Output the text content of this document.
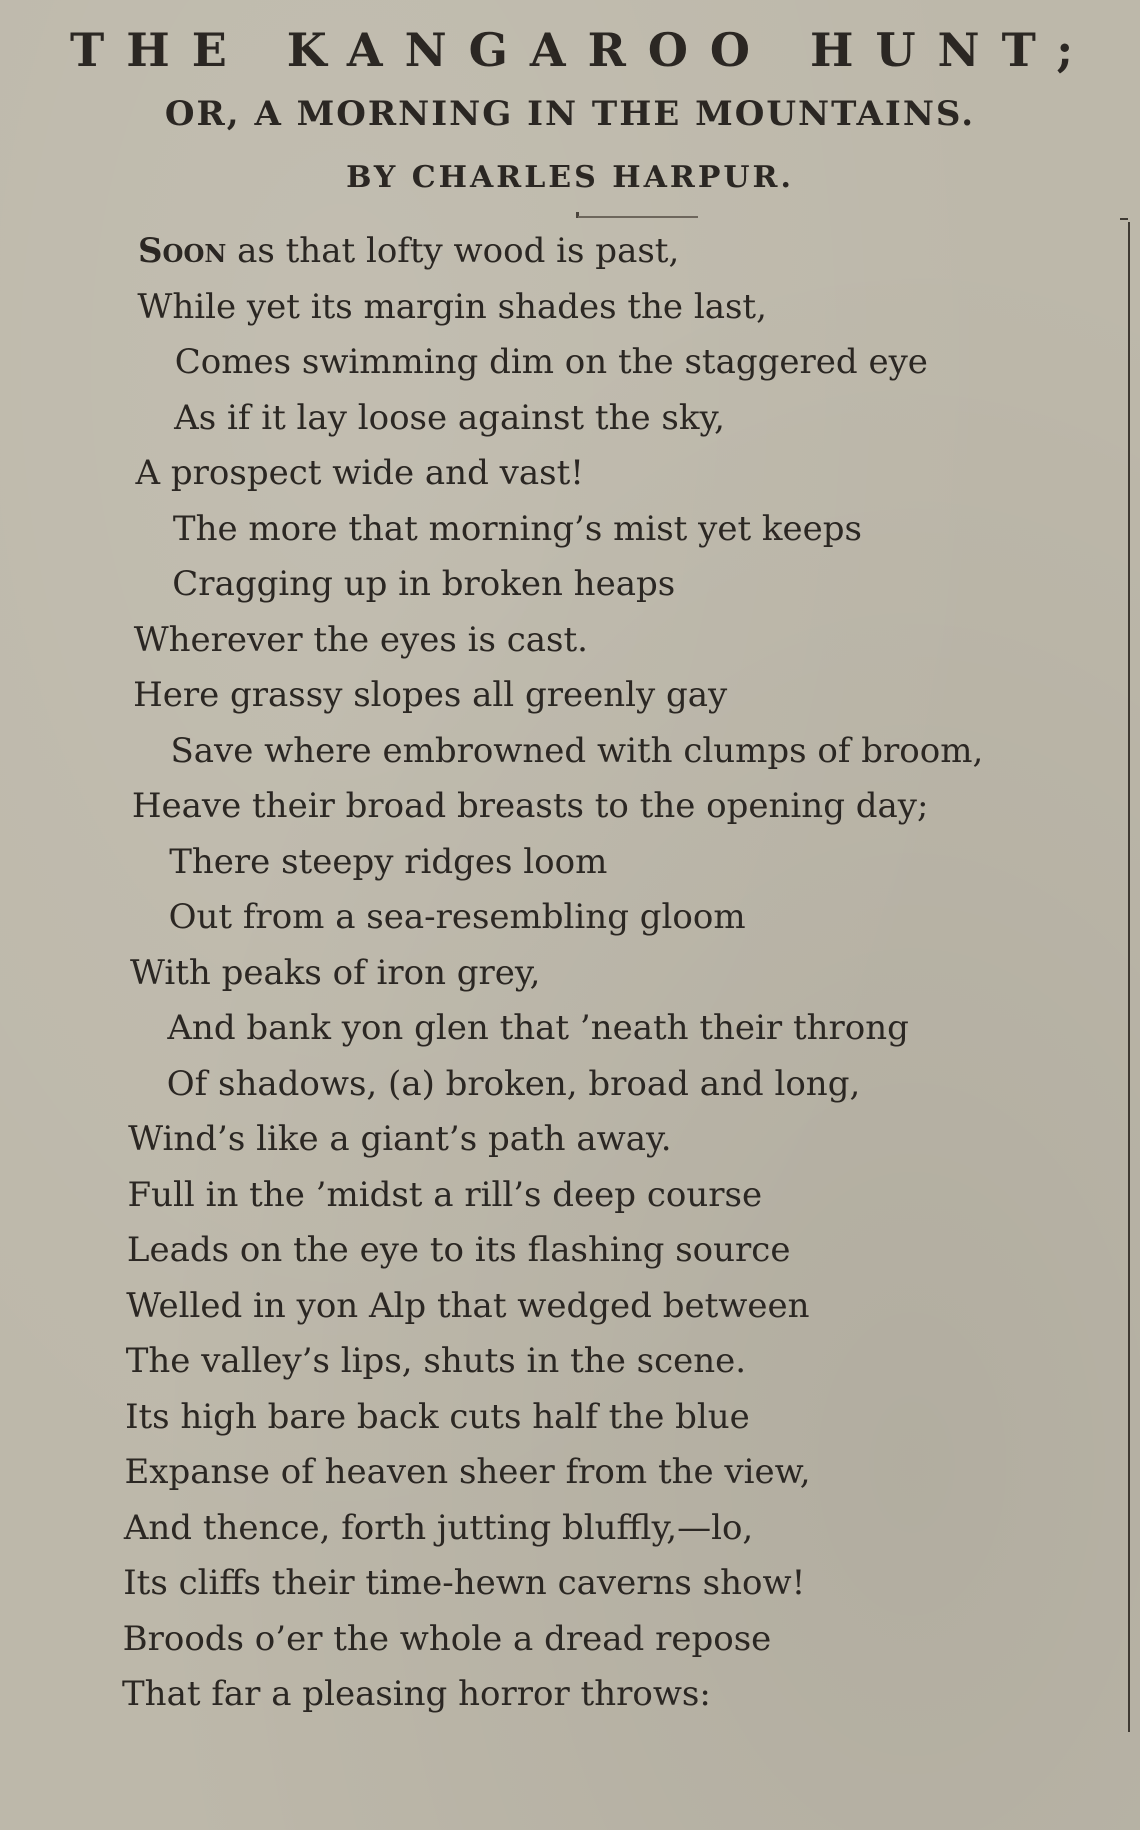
THE KANGAROO HUNT;
OR, A MORNING IN THE MOUNTAINS.
BY CHARLES HARPUR.
Soon as that lofty wood is past,
While yet its margin shades the last,
Comes swimming dim on the staggered eye
As if it lay loose against the sky,
A prospect wide and vast!
The more that morning’s mist yet keeps
Cragging up in broken heaps
Wherever the eyes is cast.
Here grassy slopes all greenly gay
Save where embrowned with clumps of broom,
Heave their broad breasts to the opening day;
There steepy ridges loom
Out from a sea-resembling gloom
With peaks of iron grey,
And bank yon glen that ’neath their throng
Of shadows, (a) broken, broad and long,
Wind’s like a giant’s path away.
Full in the ’midst a rill’s deep course
Leads on the eye to its flashing source
Welled in yon Alp that wedged between
The valley’s lips, shuts in the scene.
Its high bare back cuts half the blue
Expanse of heaven sheer from the view,
And thence, forth jutting bluffly,—lo,
Its cliffs their time-hewn caverns show!
Broods o’er the whole a dread repose
That far a pleasing horror throws:
